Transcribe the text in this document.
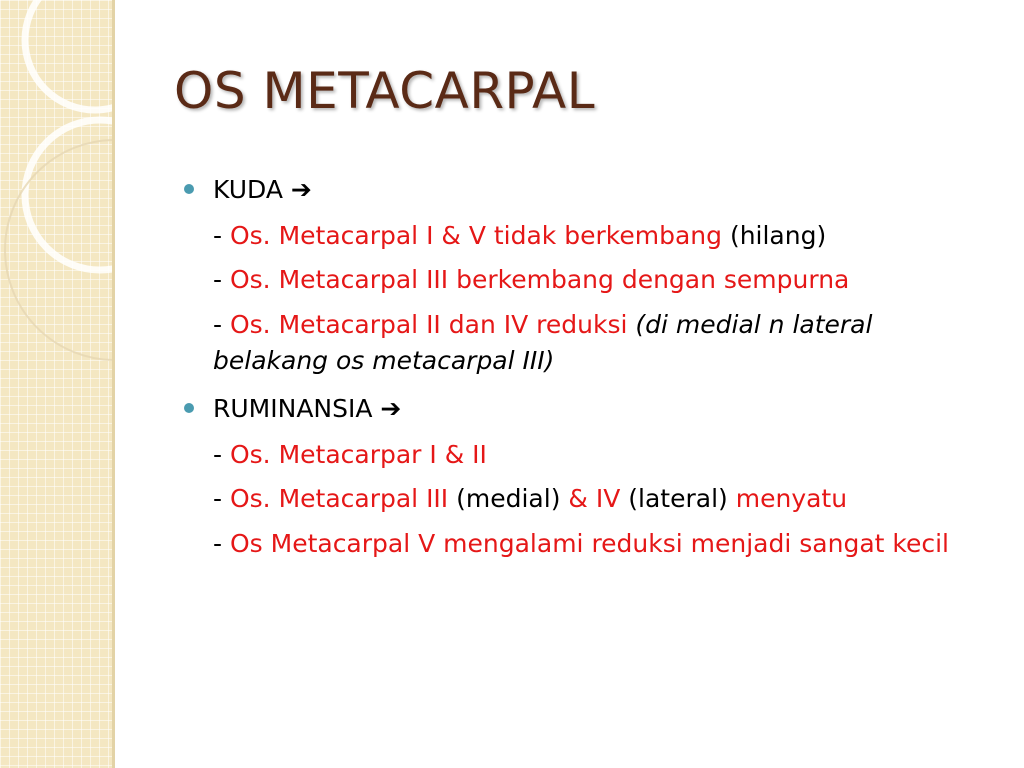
OS METACARPAL
KUDA ➔
- Os. Metacarpal I & V tidak berkembang (hilang)
- Os. Metacarpal III berkembang dengan sempurna
- Os. Metacarpal II dan IV reduksi (di medial n lateral belakang os metacarpal III)
RUMINANSIA ➔
- Os. Metacarpar I & II
- Os. Metacarpal III (medial) & IV (lateral) menyatu
- Os Metacarpal V mengalami reduksi menjadi sangat kecil
